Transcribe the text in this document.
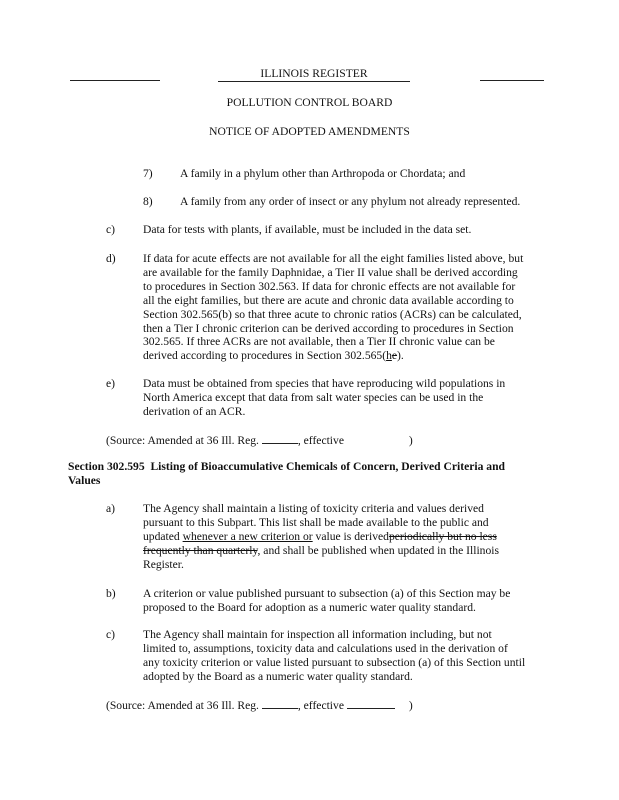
ILLINOIS REGISTER
POLLUTION CONTROL BOARD
NOTICE OF ADOPTED AMENDMENTS
7) A family in a phylum other than Arthropoda or Chordata; and
8) A family from any order of insect or any phylum not already represented.
c) Data for tests with plants, if available, must be included in the data set.
d) If data for acute effects are not available for all the eight families listed above, but
are available for the family Daphnidae, a Tier II value shall be derived according
to procedures in Section 302.563. If data for chronic effects are not available for
all the eight families, but there are acute and chronic data available according to
Section 302.565(b) so that three acute to chronic ratios (ACRs) can be calculated,
then a Tier I chronic criterion can be derived according to procedures in Section
302.565. If three ACRs are not available, then a Tier II chronic value can be
derived according to procedures in Section 302.565(he).
e) Data must be obtained from species that have reproducing wild populations in
North America except that data from salt water species can be used in the
derivation of an ACR.
(Source: Amended at 36 Ill. Reg.	, effective	)
Section 302.595 Listing of Bioaccumulative Chemicals of Concern, Derived Criteria and
Values
a) The Agency shall maintain a listing of toxicity criteria and values derived
pursuant to this Subpart. This list shall be made available to the public and
updated whenever a new criterion or value is derivedperiodically but no less
frequently than quarterly, and shall be published when updated in the Illinois
Register.
b) A criterion or value published pursuant to subsection (a) of this Section may be
proposed to the Board for adoption as a numeric water quality standard.
c) The Agency shall maintain for inspection all information including, but not
limited to, assumptions, toxicity data and calculations used in the derivation of
any toxicity criterion or value listed pursuant to subsection (a) of this Section until
adopted by the Board as a numeric water quality standard.
(Source: Amended at 36 Ill. Reg.	, effective	)
